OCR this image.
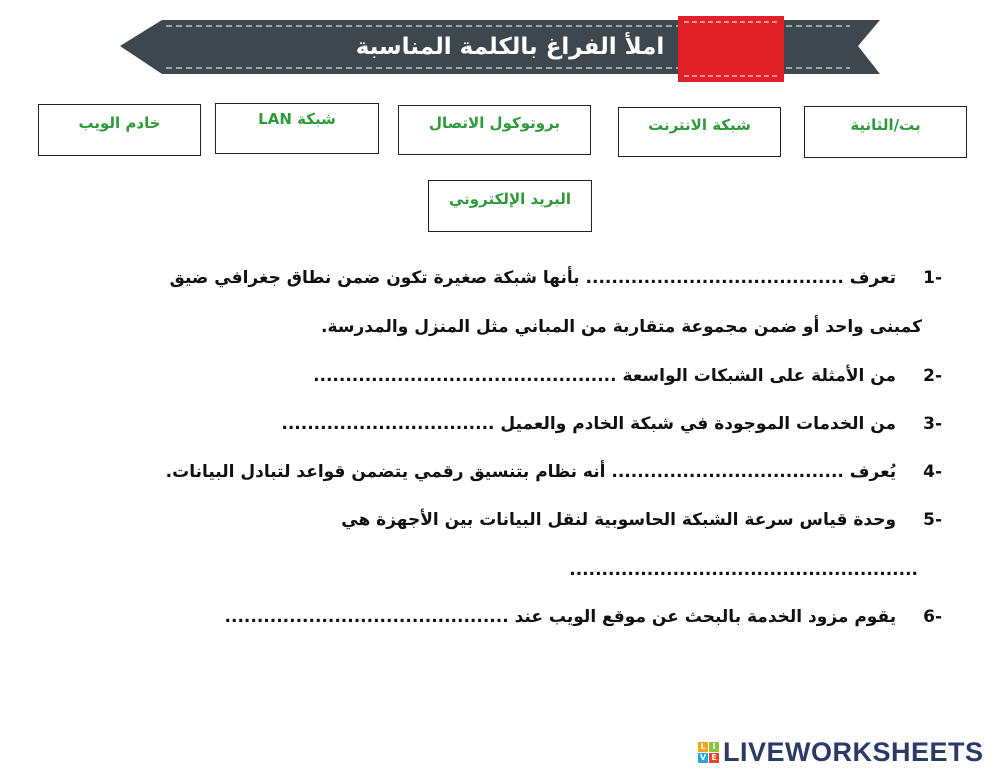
املأ الفراغ بالكلمة المناسبة
بت/الثانية
شبكة الانترنت
بروتوكول الاتصال
شبكة LAN
خادم الويب
البريد الإلكتروني
1- تعرف ........................................ بأنها شبكة صغيرة تكون ضمن نطاق جغرافي ضيق
كمبنى واحد أو ضمن مجموعة متقاربة من المباني مثل المنزل والمدرسة.
2- من الأمثلة على الشبكات الواسعة ...............................................
3- من الخدمات الموجودة في شبكة الخادم والعميل .................................
4- يُعرف .................................... أنه نظام بتنسيق رقمي يتضمن قواعد لتبادل البيانات.
5- وحدة قياس سرعة الشبكة الحاسوبية لنقل البيانات بين الأجهزة هي
......................................................
6- يقوم مزود الخدمة بالبحث عن موقع الويب عند ............................................
L I
V E LIVEWORKSHEETS
